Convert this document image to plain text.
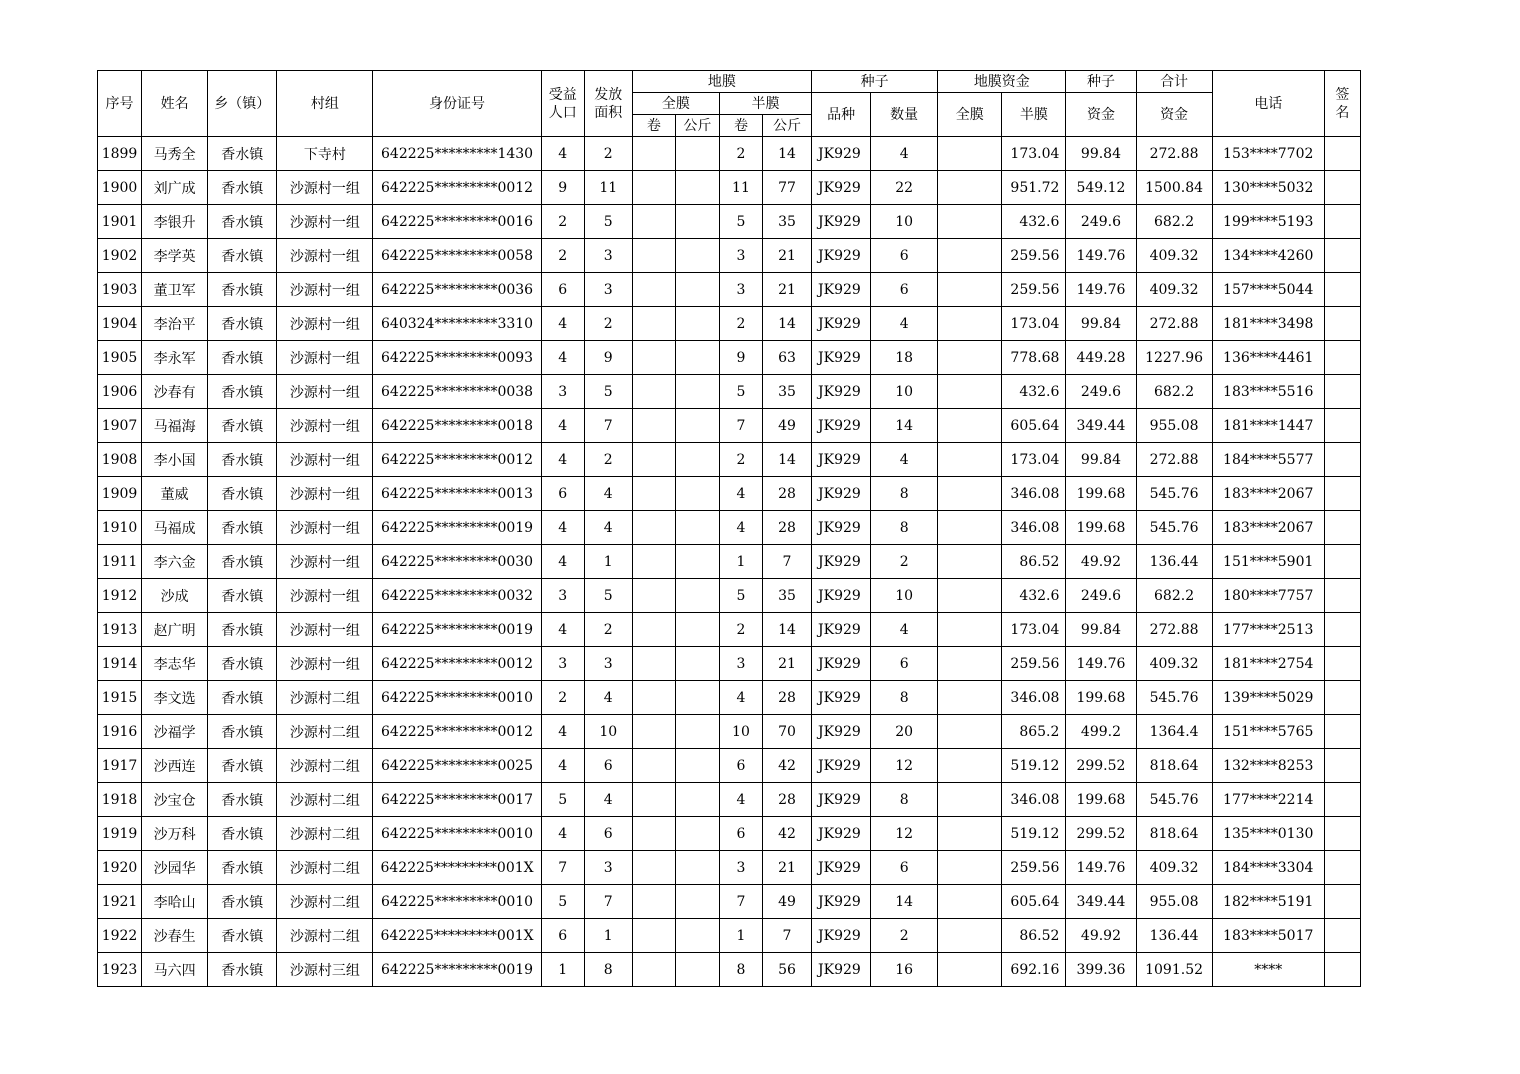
序号	姓名	乡（镇）	村组	身份证号	受益
人口	发放
面积	地膜				种子		地膜资金		种子	合计	电话	签
名
							全膜		半膜		品种	数量	全膜	半膜	资金	资金		
							卷	公斤	卷	公斤								
1899	马秀全	香水镇	下寺村	642225*********1430	4	2			2	14	JK929	4		173.04	99.84	272.88	153****7702	
1900	刘广成	香水镇	沙源村一组	642225*********0012	9	11			11	77	JK929	22		951.72	549.12	1500.84	130****5032	
1901	李银升	香水镇	沙源村一组	642225*********0016	2	5			5	35	JK929	10		432.6	249.6	682.2	199****5193	
1902	李学英	香水镇	沙源村一组	642225*********0058	2	3			3	21	JK929	6		259.56	149.76	409.32	134****4260	
1903	董卫军	香水镇	沙源村一组	642225*********0036	6	3			3	21	JK929	6		259.56	149.76	409.32	157****5044	
1904	李治平	香水镇	沙源村一组	640324*********3310	4	2			2	14	JK929	4		173.04	99.84	272.88	181****3498	
1905	李永军	香水镇	沙源村一组	642225*********0093	4	9			9	63	JK929	18		778.68	449.28	1227.96	136****4461	
1906	沙春有	香水镇	沙源村一组	642225*********0038	3	5			5	35	JK929	10		432.6	249.6	682.2	183****5516	
1907	马福海	香水镇	沙源村一组	642225*********0018	4	7			7	49	JK929	14		605.64	349.44	955.08	181****1447	
1908	李小国	香水镇	沙源村一组	642225*********0012	4	2			2	14	JK929	4		173.04	99.84	272.88	184****5577	
1909	董威	香水镇	沙源村一组	642225*********0013	6	4			4	28	JK929	8		346.08	199.68	545.76	183****2067	
1910	马福成	香水镇	沙源村一组	642225*********0019	4	4			4	28	JK929	8		346.08	199.68	545.76	183****2067	
1911	李六金	香水镇	沙源村一组	642225*********0030	4	1			1	7	JK929	2		86.52	49.92	136.44	151****5901	
1912	沙成	香水镇	沙源村一组	642225*********0032	3	5			5	35	JK929	10		432.6	249.6	682.2	180****7757	
1913	赵广明	香水镇	沙源村一组	642225*********0019	4	2			2	14	JK929	4		173.04	99.84	272.88	177****2513	
1914	李志华	香水镇	沙源村一组	642225*********0012	3	3			3	21	JK929	6		259.56	149.76	409.32	181****2754	
1915	李文选	香水镇	沙源村二组	642225*********0010	2	4			4	28	JK929	8		346.08	199.68	545.76	139****5029	
1916	沙福学	香水镇	沙源村二组	642225*********0012	4	10			10	70	JK929	20		865.2	499.2	1364.4	151****5765	
1917	沙西连	香水镇	沙源村二组	642225*********0025	4	6			6	42	JK929	12		519.12	299.52	818.64	132****8253	
1918	沙宝仓	香水镇	沙源村二组	642225*********0017	5	4			4	28	JK929	8		346.08	199.68	545.76	177****2214	
1919	沙万科	香水镇	沙源村二组	642225*********0010	4	6			6	42	JK929	12		519.12	299.52	818.64	135****0130	
1920	沙园华	香水镇	沙源村二组	642225*********001X	7	3			3	21	JK929	6		259.56	149.76	409.32	184****3304	
1921	李哈山	香水镇	沙源村二组	642225*********0010	5	7			7	49	JK929	14		605.64	349.44	955.08	182****5191	
1922	沙春生	香水镇	沙源村二组	642225*********001X	6	1			1	7	JK929	2		86.52	49.92	136.44	183****5017	
1923	马六四	香水镇	沙源村三组	642225*********0019	1	8			8	56	JK929	16		692.16	399.36	1091.52	****	
